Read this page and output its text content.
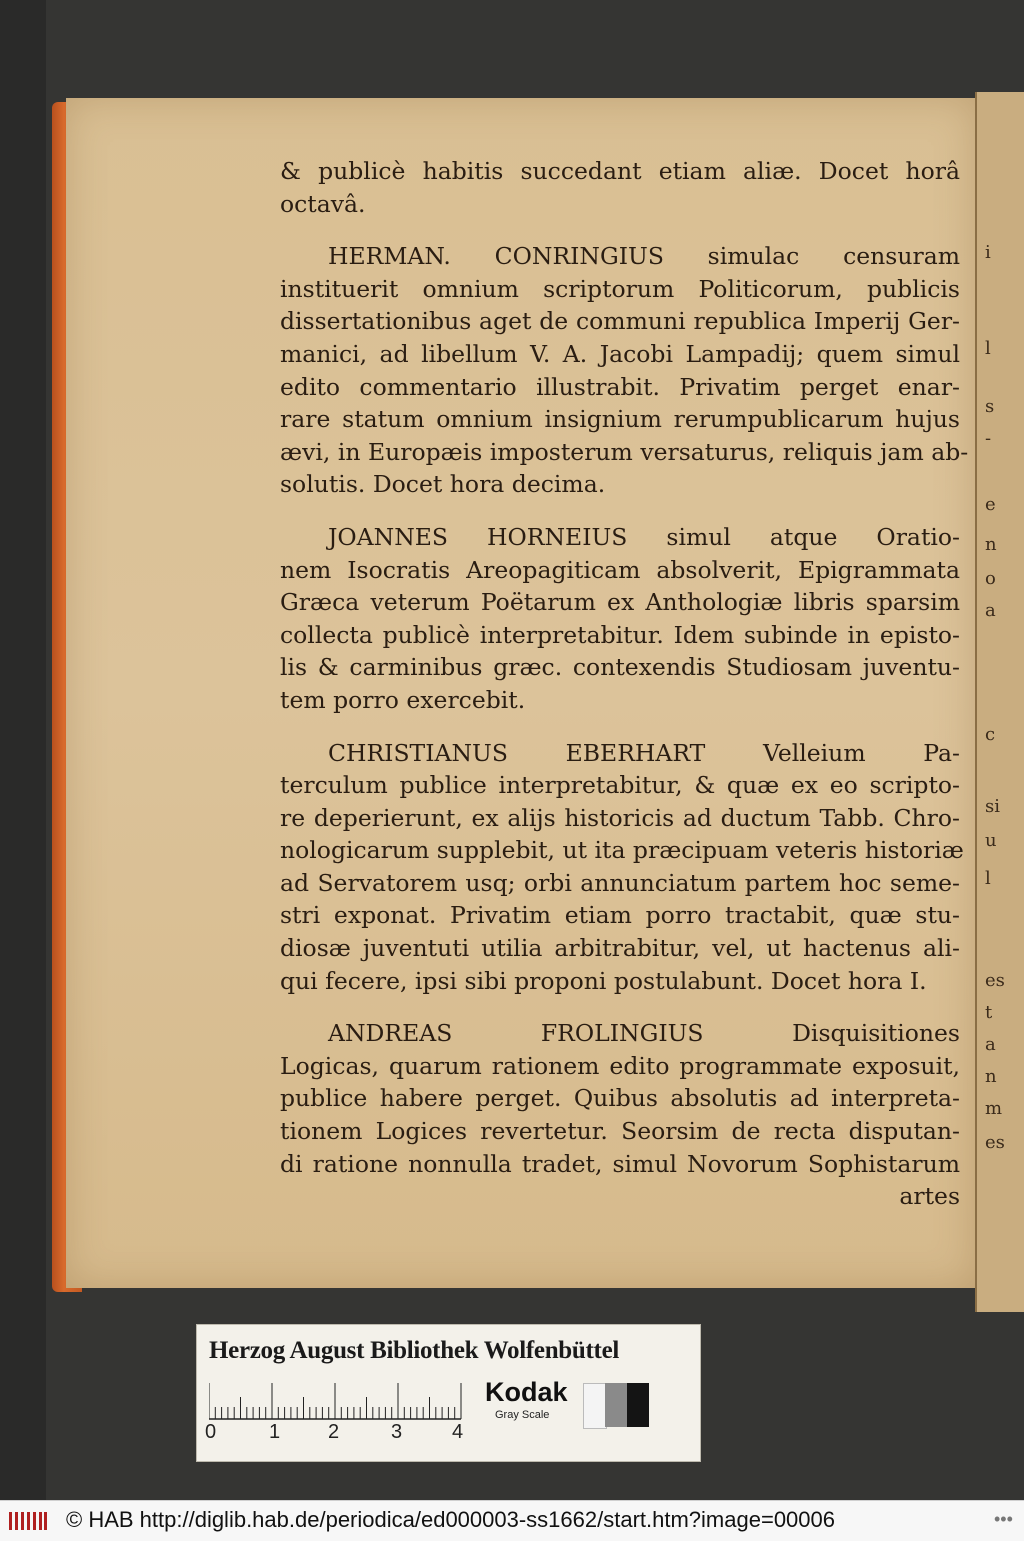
i
l
s
-
e
n
o
a
c
si
u
l
es
t
a
n
m
es
& publicè habitis succedant etiam aliæ. Docet horâ
octavâ.
HERMAN. CONRINGIUS simulac censuram
instituerit omnium scriptorum Politicorum, publicis
dissertationibus aget de communi republica Imperij Ger-
manici, ad libellum V. A. Jacobi Lampadij; quem simul
edito commentario illustrabit. Privatim perget enar-
rare statum omnium insignium rerumpublicarum hujus
ævi, in Europæis imposterum versaturus, reliquis jam ab-
solutis. Docet hora decima.
JOANNES HORNEIUS simul atque Oratio-
nem Isocratis Areopagiticam absolverit, Epigrammata
Græca veterum Poëtarum ex Anthologiæ libris sparsim
collecta publicè interpretabitur. Idem subinde in episto-
lis & carminibus græc. contexendis Studiosam juventu-
tem porro exercebit.
CHRISTIANUS EBERHART Velleium Pa-
terculum publice interpretabitur, & quæ ex eo scripto-
re deperierunt, ex alijs historicis ad ductum Tabb. Chro-
nologicarum supplebit, ut ita præcipuam veteris historiæ
ad Servatorem usq; orbi annunciatum partem hoc seme-
stri exponat. Privatim etiam porro tractabit, quæ stu-
diosæ juventuti utilia arbitrabitur, vel, ut hactenus ali-
qui fecere, ipsi sibi proponi postulabunt. Docet hora I.
ANDREAS FROLINGIUS Disquisitiones
Logicas, quarum rationem edito programmate exposuit,
publice habere perget. Quibus absolutis ad interpreta-
tionem Logices revertetur. Seorsim de recta disputan-
di ratione nonnulla tradet, simul Novorum Sophistarum
artes
Herzog August Bibliothek Wolfenbüttel
0	1 2	3 4
Kodak
Gray Scale
© HAB http://diglib.hab.de/periodica/ed000003-ss1662/start.htm?image=00006	•••
